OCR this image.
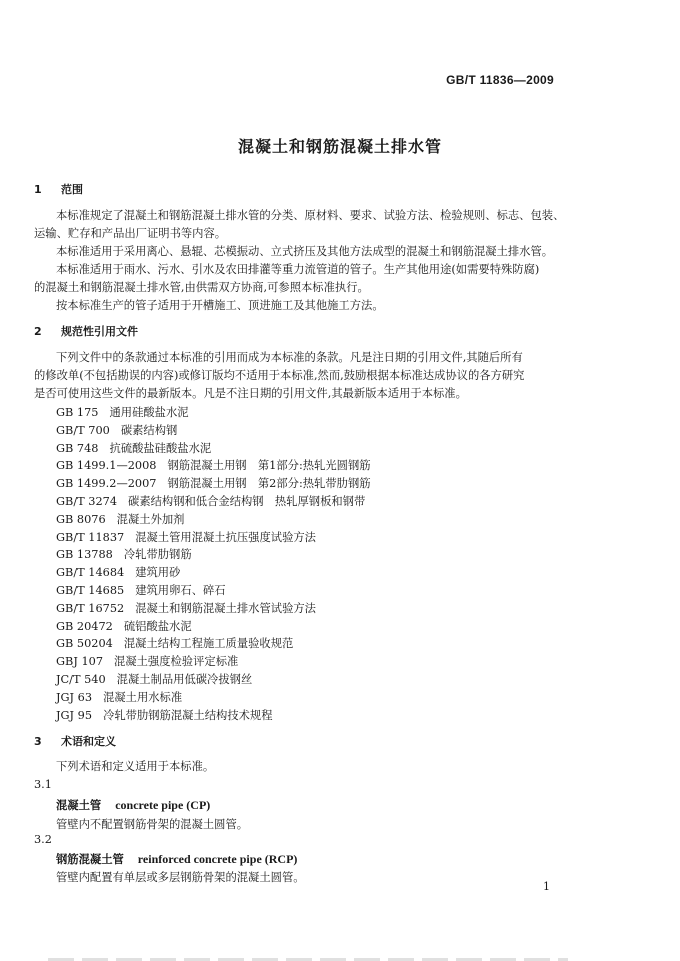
GB/T 11836—2009
混凝土和钢筋混凝土排水管
1 范围
本标准规定了混凝土和钢筋混凝土排水管的分类、原材料、要求、试验方法、检验规则、标志、包装、
运输、贮存和产品出厂证明书等内容。
本标准适用于采用离心、悬辊、芯模振动、立式挤压及其他方法成型的混凝土和钢筋混凝土排水管。
本标准适用于雨水、污水、引水及农田排灌等重力流管道的管子。生产其他用途(如需要特殊防腐)
的混凝土和钢筋混凝土排水管,由供需双方协商,可参照本标准执行。
按本标准生产的管子适用于开槽施工、顶进施工及其他施工方法。
2 规范性引用文件
下列文件中的条款通过本标准的引用而成为本标准的条款。凡是注日期的引用文件,其随后所有
的修改单(不包括勘误的内容)或修订版均不适用于本标准,然而,鼓励根据本标准达成协议的各方研究
是否可使用这些文件的最新版本。凡是不注日期的引用文件,其最新版本适用于本标准。
GB 175 通用硅酸盐水泥
GB/T 700 碳素结构钢
GB 748 抗硫酸盐硅酸盐水泥
GB 1499.1—2008 钢筋混凝土用钢　第1部分:热轧光圆钢筋
GB 1499.2—2007 钢筋混凝土用钢　第2部分:热轧带肋钢筋
GB/T 3274 碳素结构钢和低合金结构钢　热轧厚钢板和钢带
GB 8076 混凝土外加剂
GB/T 11837 混凝土管用混凝土抗压强度试验方法
GB 13788 冷轧带肋钢筋
GB/T 14684 建筑用砂
GB/T 14685 建筑用卵石、碎石
GB/T 16752 混凝土和钢筋混凝土排水管试验方法
GB 20472 硫铝酸盐水泥
GB 50204 混凝土结构工程施工质量验收规范
GBJ 107 混凝土强度检验评定标准
JC/T 540 混凝土制品用低碳冷拔钢丝
JGJ 63 混凝土用水标准
JGJ 95 冷轧带肋钢筋混凝土结构技术规程
3 术语和定义
下列术语和定义适用于本标准。
3.1
混凝土管 concrete pipe (CP)
管壁内不配置钢筋骨架的混凝土圆管。
3.2
钢筋混凝土管 reinforced concrete pipe (RCP)
管壁内配置有单层或多层钢筋骨架的混凝土圆管。
1
